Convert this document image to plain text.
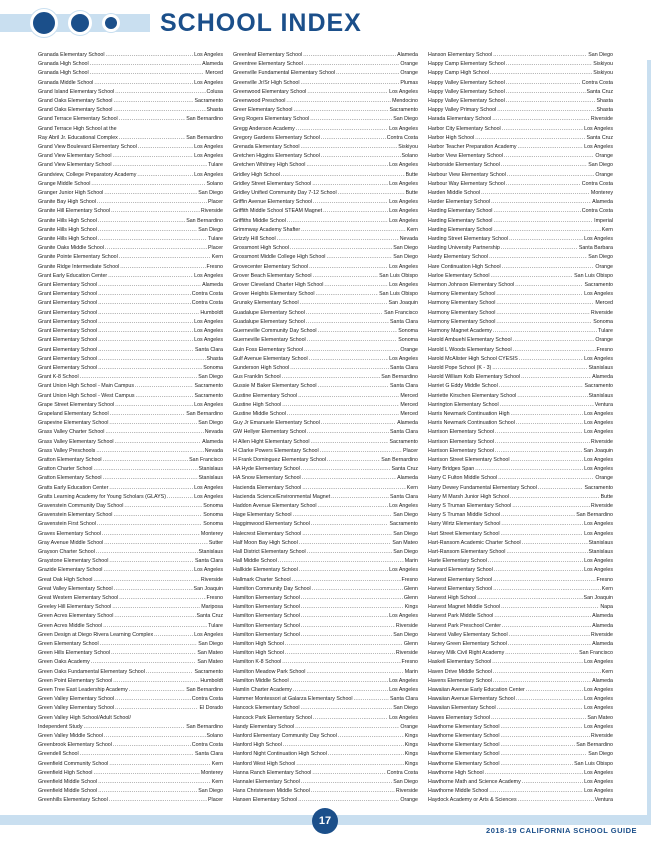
SCHOOL INDEX
Granada Elementary School .....	Los Angeles
Granada High School .....	Alameda
Granada High School .....	Merced
Granada Middle School .....	Los Angeles
Grand Island Elementary School .....	Colusa
Grand Oaks Elementary School .....	Sacramento
Grand Oaks Elementary School .....	Shasta
Grand Terrace Elementary School .....	San Bernardino
Grand Terrace High School at the
Ray Abril Jr. Educational Complex .....	San Bernardino
Grand View Boulevard Elementary School .....	Los Angeles
Grand View Elementary School .....	Los Angeles
Grand View Elementary School .....	Tulare
Grandview, College Preparatory Academy .....	Los Angeles
Grange Middle School .....	Solano
Granger Junior High School .....	San Diego
Granite Bay High School .....	Placer
Granite Hill Elementary School .....	Riverside
Granite Hills High School .....	San Bernardino
Granite Hills High School .....	San Diego
Granite Hills High School .....	Tulare
Granite Oaks Middle School .....	Placer
Granite Pointe Elementary School .....	Kern
Granite Ridge Intermediate School .....	Fresno
Grant Early Education Center .....	Los Angeles
Grant Elementary School .....	Alameda
Grant Elementary School .....	Contra Costa
Grant Elementary School .....	Contra Costa
Grant Elementary School .....	Humboldt
Grant Elementary School .....	Los Angeles
Grant Elementary School .....	Los Angeles
Grant Elementary School .....	Los Angeles
Grant Elementary School .....	Santa Clara
Grant Elementary School .....	Shasta
Grant Elementary School .....	Sonoma
Grant K-8 School .....	San Diego
Grant Union High School - Main Campus .....	Sacramento
Grant Union High School - West Campus .....	Sacramento
Grape Street Elementary School .....	Los Angeles
Grapeland Elementary School .....	San Bernardino
Grapevine Elementary School .....	San Diego
Grass Valley Charter School .....	Nevada
Grass Valley Elementary School .....	Alameda
Grass Valley Preschools .....	Nevada
Gratton Elementary School .....	San Francisco
Gratton Charter School .....	Stanislaus
Gratton Elementary School .....	Stanislaus
Gratts Early Education Center .....	Los Angeles
Gratts Learning Academy for Young Scholars (GLAYS) .....	Los Angeles
Gravenstein Community Day School .....	Sonoma
Gravenstein Elementary School .....	Sonoma
Gravenstein First School .....	Sonoma
Graves Elementary School .....	Monterey
Gray Avenue Middle School .....	Sutter
Grayson Charter School .....	Stanislaus
Graystone Elementary School .....	Santa Clara
Grazide Elementary School .....	Los Angeles
Great Oak High School .....	Riverside
Great Valley Elementary School .....	San Joaquin
Great Western Elementary School .....	Fresno
Greeley Hill Elementary School .....	Mariposa
Green Acres Elementary School .....	Santa Cruz
Green Acres Middle School .....	Tulare
Green Design at Diego Rivera Learning Complex .....	Los Angeles
Green Elementary School .....	San Diego
Green Hills Elementary School .....	San Mateo
Green Oaks Academy .....	San Mateo
Green Oaks Fundamental Elementary School .....	Sacramento
Green Point Elementary School .....	Humboldt
Green Tree East Leadership Academy .....	San Bernardino
Green Valley Elementary School .....	Contra Costa
Green Valley Elementary School .....	El Dorado
Green Valley High School/Adult School/
Independent Study .....	San Bernardino
Green Valley Middle School .....	Solano
Greenbrook Elementary School .....	Contra Costa
Greendell School .....	Santa Clara
Greenfield Community School .....	Kern
Greenfield High School .....	Monterey
Greenfield Middle School .....	Kern
Greenfield Middle School .....	San Diego
Greenhills Elementary School .....	Placer
Greenleaf Elementary School .....	Alameda
Greentree Elementary School .....	Orange
Greenville Fundamental Elementary School .....	Orange
Greenville Jr/Sr High School .....	Plumas
Greenwood Elementary School .....	Los Angeles
Greenwood Preschool .....	Mendocino
Greer Elementary School .....	Sacramento
Greg Rogers Elementary School .....	San Diego
Gregg Anderson Academy .....	Los Angeles
Gregory Gardens Elementary School .....	Contra Costa
Grenada Elementary School .....	Siskiyou
Gretchen Higgins Elementary School .....	Solano
Gretchen Whitney High School .....	Los Angeles
Gridley High School .....	Butte
Gridley Street Elementary School .....	Los Angeles
Gridley Unified Community Day 7-12 School .....	Butte
Griffin Avenue Elementary School .....	Los Angeles
Griffith Middle School STEAM Magnet .....	Los Angeles
Griffiths Middle School .....	Los Angeles
Grimmway Academy Shafter .....	Kern
Grizzly Hill School .....	Nevada
Grossmont High School .....	San Diego
Grossmont Middle College High School .....	San Diego
Grovecenter Elementary School .....	Los Angeles
Grover Beach Elementary School .....	San Luis Obispo
Grover Cleveland Charter High School .....	Los Angeles
Grover Heights Elementary School .....	San Luis Obispo
Grunsky Elementary School .....	San Joaquin
Guadalupe Elementary School .....	San Francisco
Guadalupe Elementary School .....	Santa Clara
Guerneville Community Day School .....	Sonoma
Guerneville Elementary School .....	Sonoma
Guin Foss Elementary School .....	Orange
Gulf Avenue Elementary School .....	Los Angeles
Gunderson High School .....	Santa Clara
Gus Franklin School .....	San Bernardino
Gussie M Baker Elementary School .....	Santa Clara
Gustine Elementary School .....	Merced
Gustine High School .....	Merced
Gustine Middle School .....	Merced
Guy Jr Emanuele Elementary School .....	Alameda
GW Hellyer Elementary School .....	Santa Clara
H Allen Hight Elementary School .....	Sacramento
H Clarke Powers Elementary School .....	Placer
H Frank Dominguez Elementary School .....	San Bernardino
HA Hyde Elementary School .....	Santa Cruz
HA Snow Elementary School .....	Alameda
Hacienda Elementary School .....	Kern
Hacienda Science/Environmental Magnet .....	Santa Clara
Haddon Avenue Elementary School .....	Los Angeles
Hage Elementary School .....	San Diego
Haggimwood Elementary School .....	Sacramento
Halecrest Elementary School .....	San Diego
Half Moon Bay High School .....	San Mateo
Hall District Elementary School .....	San Diego
Hall Middle School .....	Marin
Hallkide Elementary School .....	Los Angeles
Hallmark Charter School .....	Fresno
Hamilton Community Day School .....	Glenn
Hamilton Elementary School .....	Glenn
Hamilton Elementary School .....	Kings
Hamilton Elementary School .....	Los Angeles
Hamilton Elementary School .....	Riverside
Hamilton Elementary School .....	San Diego
Hamilton High School .....	Glenn
Hamilton High School .....	Riverside
Hamilton K-8 School .....	Fresno
Hamilton Meadow Park School .....	Marin
Hamilton Middle School .....	Los Angeles
Hamlin Charter Academy .....	Los Angeles
Hammer Montessori at Galarza Elementary School .....	Santa Clara
Hancock Elementary School .....	San Diego
Hancock Park Elementary School .....	Los Angeles
Handy Elementary School .....	Orange
Hanford Elementary Community Day School .....	Kings
Hanford High School .....	Kings
Hanford Night Continuation High School .....	Kings
Hanford West High School .....	Kings
Hanna Ranch Elementary School .....	Contra Costa
Hannalei Elementary School .....	San Diego
Hans Christensen Middle School .....	Riverside
Hansen Elementary School .....	Orange
Hanson Elementary School .....	San Diego
Happy Camp Elementary School .....	Siskiyou
Happy Camp High School .....	Siskiyou
Happy Valley Elementary School .....	Contra Costa
Happy Valley Elementary School .....	Santa Cruz
Happy Valley Elementary School .....	Shasta
Happy Valley Primary School .....	Shasta
Harada Elementary School .....	Riverside
Harbor City Elementary School .....	Los Angeles
Harbor High School .....	Santa Cruz
Harbor Teacher Preparation Academy .....	Los Angeles
Harbor View Elementary School .....	Orange
Harborside Elementary School .....	San Diego
Harbour View Elementary School .....	Orange
Harbour Way Elementary School .....	Contra Costa
Harden Middle School .....	Monterey
Harder Elementary School .....	Alameda
Harding Elementary School .....	Contra Costa
Harding Elementary School .....	Imperial
Harding Elementary School .....	Kern
Harding Street Elementary School .....	Los Angeles
Harding University Partnership .....	Santa Barbara
Hardy Elementary School .....	San Diego
Hare Continuation High School .....	Orange
Harloe Elementary School .....	San Luis Obispo
Harmon Johnson Elementary School .....	Sacramento
Harmony Elementary School .....	Los Angeles
Harmony Elementary School .....	Merced
Harmony Elementary School .....	Riverside
Harmony Elementary School .....	Sonoma
Harmony Magnet Academy .....	Tulare
Harold Ambuehl Elementary School .....	Orange
Harold L Woods Elementary School .....	Fresno
Harold McAlister High School CYESIS .....	Los Angeles
Harold Pope School (K - 3) .....	Stanislaus
Harold William Kolb Elementary School .....	Alameda
Harriet G Eddy Middle School .....	Sacramento
Harriette Kirschen Elementary School .....	Stanislaus
Harrington Elementary School .....	Ventura
Harris Newmark Continuation High .....	Los Angeles
Harris Newmark Continuation School .....	Los Angeles
Harrison Elementary School .....	Los Angeles
Harrison Elementary School .....	Riverside
Harrison Elementary School .....	San Joaquin
Harrison Street Elementary School .....	Los Angeles
Harry Bridges Span .....	Los Angeles
Harry C Fulton Middle School .....	Orange
Harry Dewey Fundamental Elementary School .....	Sacramento
Harry M Marsh Junior High School .....	Butte
Harry S Truman Elementary School .....	Riverside
Harry S Truman Middle School .....	San Bernardino
Harry Wirtz Elementary School .....	Los Angeles
Hart Street Elementary School .....	Los Angeles
Hart-Ransom Academic Charter School .....	Stanislaus
Hart-Ransom Elementary School .....	Stanislaus
Harte Elementary School .....	Los Angeles
Harvard Elementary School .....	Los Angeles
Harvest Elementary School .....	Fresno
Harvest Elementary School .....	Kern
Harvest High School .....	San Joaquin
Harvest Magnet Middle School .....	Napa
Harvest Park Middle School .....	Alameda
Harvest Park Preschool Center .....	Alameda
Harvest Valley Elementary School .....	Riverside
Harvey Green Elementary School .....	Alameda
Harvey Milk Civil Right Academy .....	San Francisco
Haskell Elementary School .....	Los Angeles
Haven Drive Middle School .....	Kern
Havens Elementary School .....	Alameda
Hawaiian Avenue Early Education Center .....	Los Angeles
Hawaiian Avenue Elementary School .....	Los Angeles
Hawaiian Elementary School .....	Los Angeles
Hawes Elementary School .....	San Mateo
Hawthorne Elementary School .....	Los Angeles
Hawthorne Elementary School .....	Riverside
Hawthorne Elementary School .....	San Bernardino
Hawthorne Elementary School .....	San Diego
Hawthorne Elementary School .....	San Luis Obispo
Hawthorne High School .....	Los Angeles
Hawthorne Math and Science Academy .....	Los Angeles
Hawthorne Middle School .....	Los Angeles
Haydock Academy or Arts & Sciences .....	Ventura
17
2018-19 CALIFORNIA SCHOOL GUIDE
